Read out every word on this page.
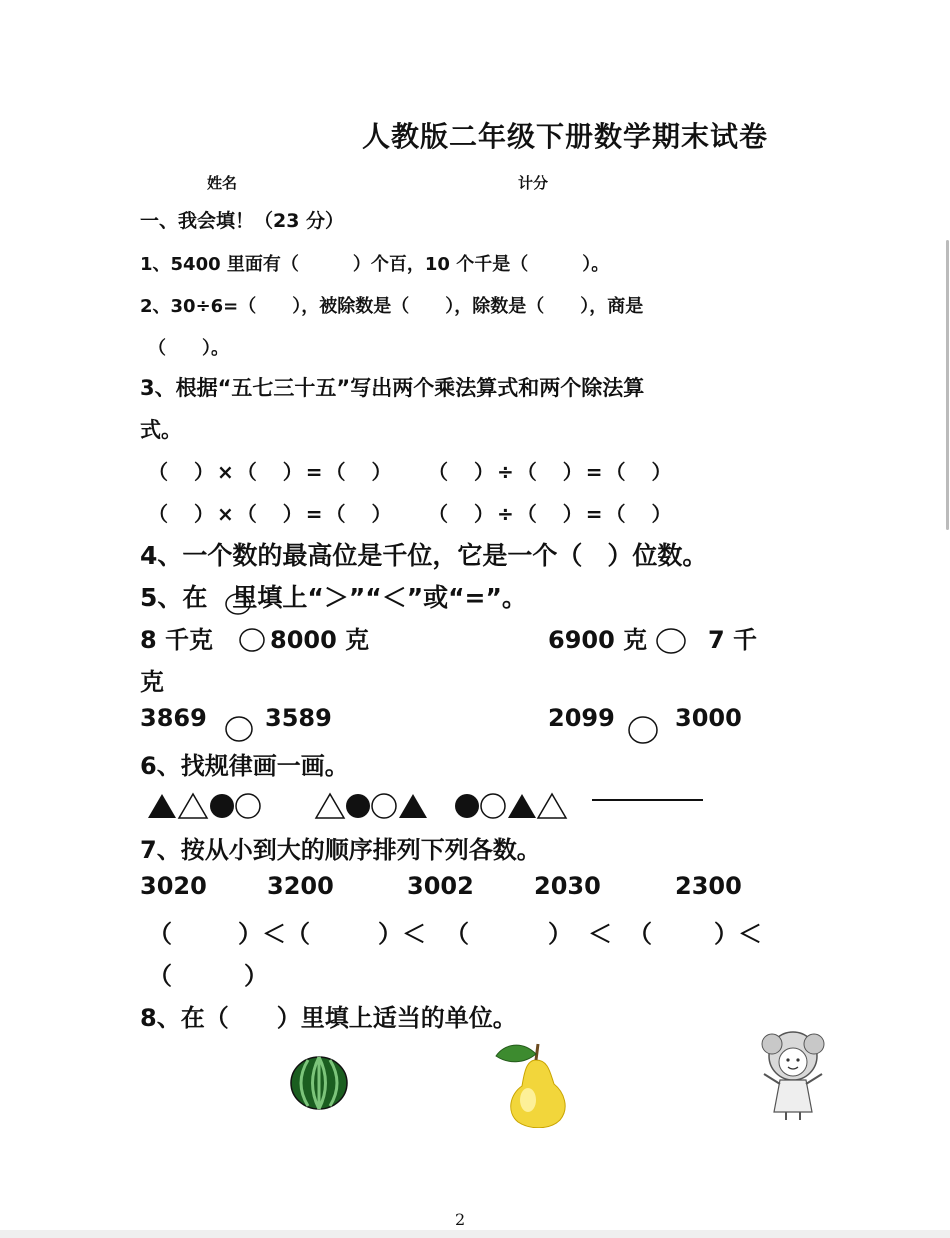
人教版二年级下册数学期末试卷
姓名	计分
一、我会填！（23 分）
1、5400 里面有（　　　）个百，10 个千是（　　　）。
2、30÷6=（　　），被除数是（　　），除数是（　　），商是
（　　）。
3、根据“五七三十五”写出两个乘法算式和两个除法算
式。
（　）×（　）=（　） （　）÷（　）=（　）
（　）×（　）=（　） （　）÷（　）=（　）
4、一个数的最高位是千位，它是一个（　）位数。
5、在　里填上“＞”“＜”或“=”。
8 千克 8000 克	6900 克	7 千
克
3869 3589	2099	3000
6、找规律画一画。
7、按从小到大的顺序排列下列各数。
3020	3200	3002	2030	2300
（	）＜（	）＜ （	） ＜ （	）＜
（　　　）
8、在（　　）里填上适当的单位。
2
